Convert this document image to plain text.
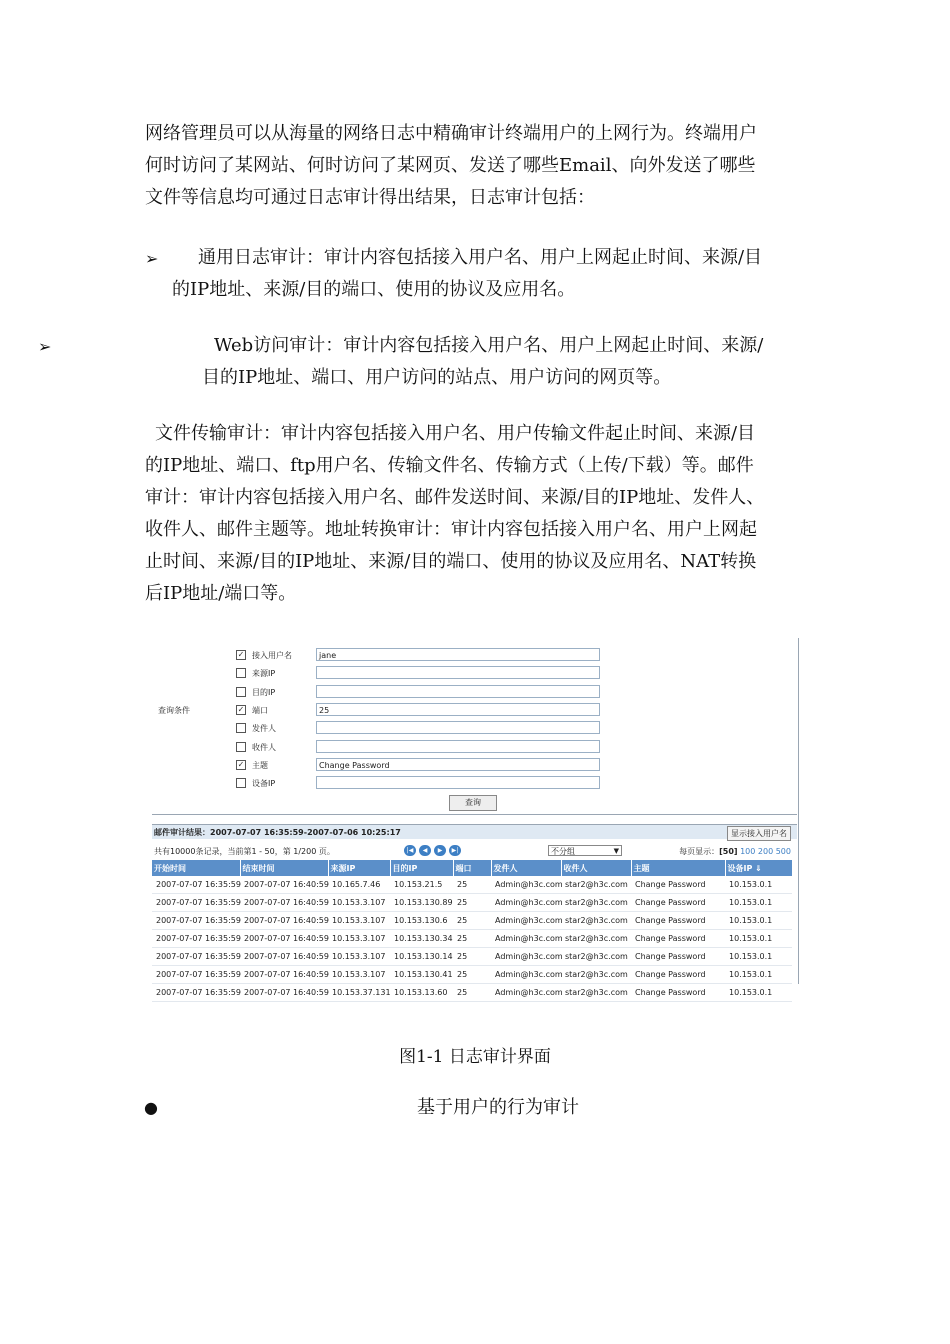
网络管理员可以从海量的网络日志中精确审计终端用户的上网行为。终端用户
何时访问了某网站、何时访问了某网页、发送了哪些Email、向外发送了哪些
文件等信息均可通过日志审计得出结果，日志审计包括：
➢	通用日志审计：审计内容包括接入用户名、用户上网起止时间、来源/目
的IP地址、来源/目的端口、使用的协议及应用名。
➢	Web访问审计：审计内容包括接入用户名、用户上网起止时间、来源/
目的IP地址、端口、用户访问的站点、用户访问的网页等。
文件传输审计：审计内容包括接入用户名、用户传输文件起止时间、来源/目
的IP地址、端口、ftp用户名、传输文件名、传输方式（上传/下载）等。邮件
审计：审计内容包括接入用户名、邮件发送时间、来源/目的IP地址、发件人、
收件人、邮件主题等。地址转换审计：审计内容包括接入用户名、用户上网起
止时间、来源/目的IP地址、来源/目的端口、使用的协议及应用名、NAT转换
后IP地址/端口等。
查询条件
✓ 接入用户名	jane
来源IP
目的IP
✓ 端口	25
发件人
收件人
✓ 主题	Change Password
设备IP
查询
邮件审计结果：2007-07-07 16:35:59-2007-07-06 10:25:17	显示接入用户名
共有10000条记录，当前第1 - 50，第 1/200 页。	|◀ ◀ ▶ ▶|	不分组	▼	每页显示：[50] 100 200 500
开始时间	结束时间	来源IP	目的IP	端口	发件人	收件人	主题	设备IP ⇓
2007-07-07 16:35:59	2007-07-07 16:40:59	10.165.7.46	10.153.21.5	25	Admin@h3c.com	star2@h3c.com	Change Password	10.153.0.1
2007-07-07 16:35:59	2007-07-07 16:40:59	10.153.3.107	10.153.130.89	25	Admin@h3c.com	star2@h3c.com	Change Password	10.153.0.1
2007-07-07 16:35:59	2007-07-07 16:40:59	10.153.3.107	10.153.130.6	25	Admin@h3c.com	star2@h3c.com	Change Password	10.153.0.1
2007-07-07 16:35:59	2007-07-07 16:40:59	10.153.3.107	10.153.130.34	25	Admin@h3c.com	star2@h3c.com	Change Password	10.153.0.1
2007-07-07 16:35:59	2007-07-07 16:40:59	10.153.3.107	10.153.130.14	25	Admin@h3c.com	star2@h3c.com	Change Password	10.153.0.1
2007-07-07 16:35:59	2007-07-07 16:40:59	10.153.3.107	10.153.130.41	25	Admin@h3c.com	star2@h3c.com	Change Password	10.153.0.1
2007-07-07 16:35:59	2007-07-07 16:40:59	10.153.37.131	10.153.13.60	25	Admin@h3c.com	star2@h3c.com	Change Password	10.153.0.1
图1-1 日志审计界面
●	基于用户的行为审计
